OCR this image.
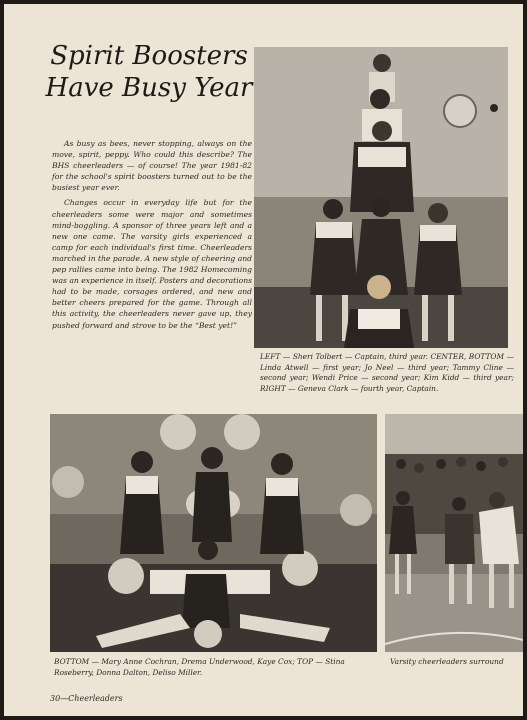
Spirit Boosters
Have Busy Year

As busy as bees, never stopping, always on the move, spirit, peppy. Who could this describe? The BHS cheerleaders — of course! The year 1981-82 for the school's spirit boosters turned out to be the busiest year ever.

Changes occur in everyday life but for the cheerleaders some were major and sometimes mind-boggling. A sponsor of three years left and a new one came. The varsity girls experienced a camp for each individual's first time. Cheerleaders marched in the parade. A new style of cheering and pep rallies came into being. The 1982 Homecoming was an experience in itself. Posters and decorations had to be made, corsages ordered, and new and better cheers prepared for the game. Through all this activity, the cheerleaders never gave up, they pushed forward and strove to be the “Best yet!”

LEFT — Sheri Tolbert — Captain, third year. CENTER, BOTTOM — Linda Atwell — first year; Jo Neel — third year; Tammy Cline — second year; Wendi Price — second year; Kim Kidd — third year; RIGHT — Geneva Clark — fourth year, Captain.
BOTTOM — Mary Anne Cochran, Drema Underwood, Kaye Cox; TOP — Stina Roseberry, Donna Dalton, Deliso Miller.
Varsity cheerleaders surround
30—Cheerleaders
